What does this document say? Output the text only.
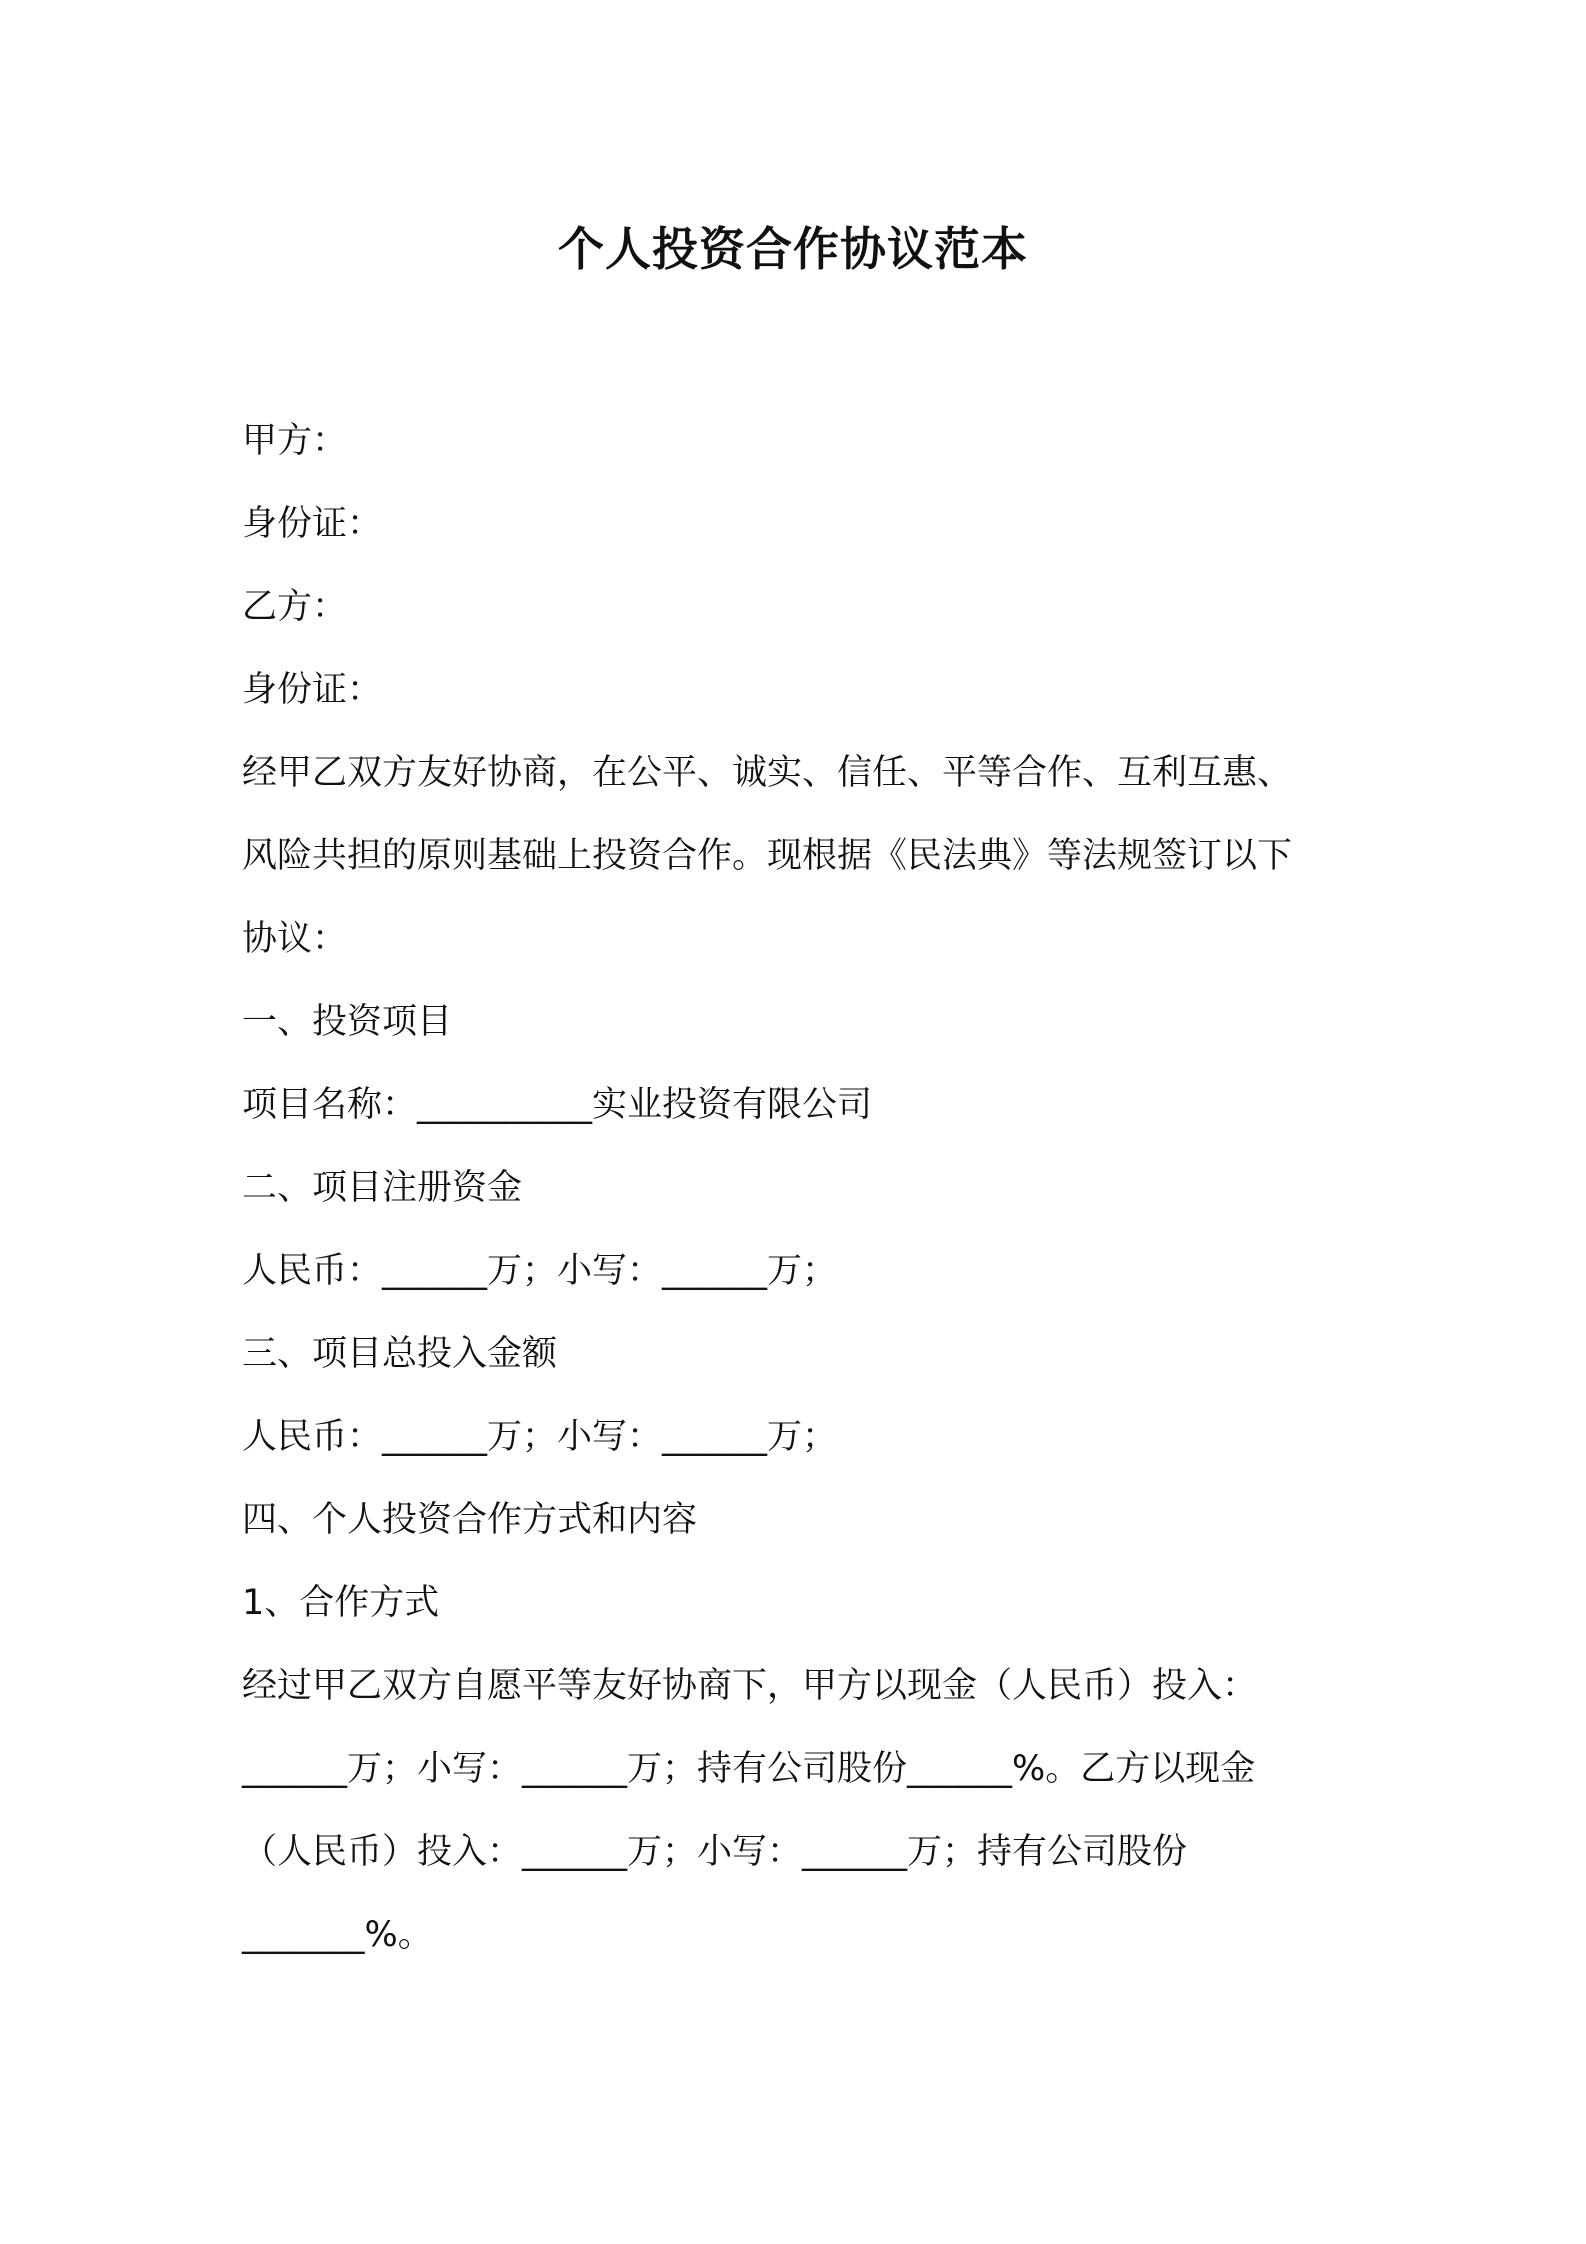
个人投资合作协议范本
甲方：
身份证：
乙方：
身份证：
经甲乙双方友好协商，在公平、诚实、信任、平等合作、互利互惠、
风险共担的原则基础上投资合作。现根据《民法典》等法规签订以下
协议：
一、投资项目
项目名称：__________实业投资有限公司
二、项目注册资金
人民币：______万；小写：______万；
三、项目总投入金额
人民币：______万；小写：______万；
四、个人投资合作方式和内容
1、合作方式
经过甲乙双方自愿平等友好协商下，甲方以现金（人民币）投入：
______万；小写：______万；持有公司股份______%。乙方以现金
（人民币）投入：______万；小写：______万；持有公司股份
_______%。
